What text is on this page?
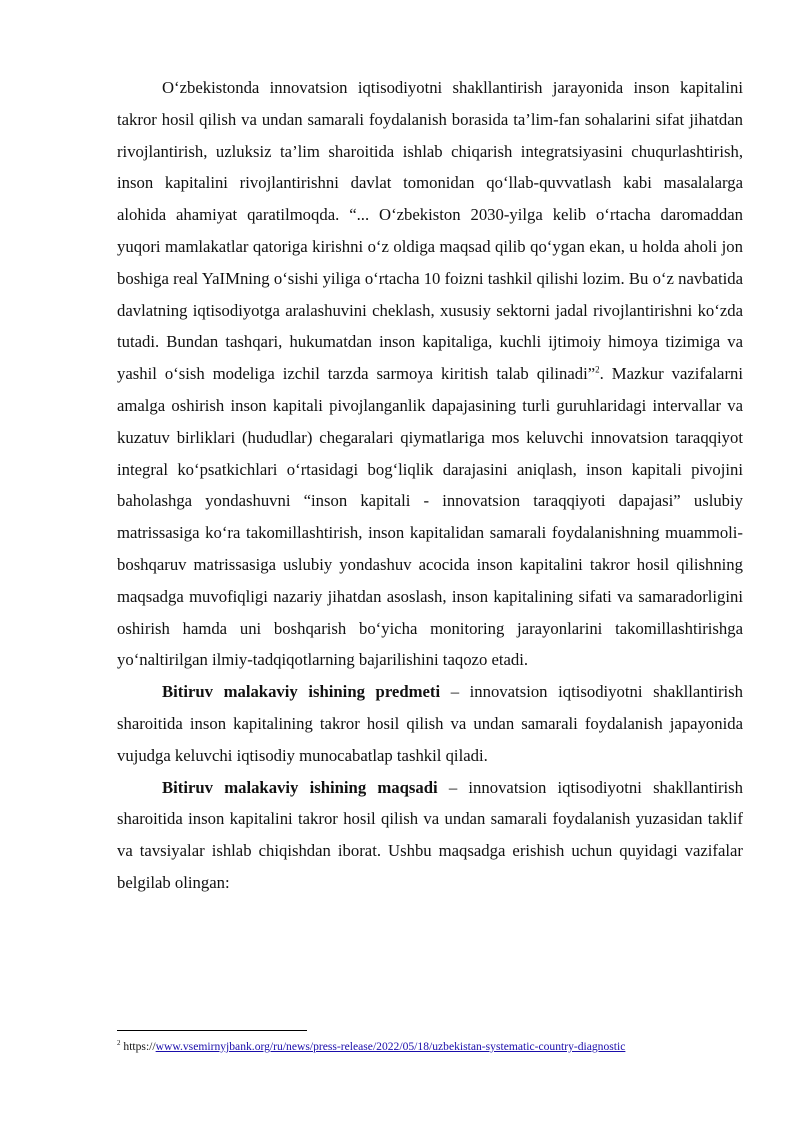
O‘zbekistonda innovatsion iqtisodiyotni shakllantirish jarayonida inson kapitalini takror hosil qilish va undan samarali foydalanish borasida ta’lim-fan sohalarini sifat jihatdan rivojlantirish, uzluksiz ta’lim sharoitida ishlab chiqarish integratsiyasini chuqurlashtirish, inson kapitalini rivojlantirishni davlat tomonidan qo‘llab-quvvatlash kabi masalalarga alohida ahamiyat qaratilmoqda. “... O‘zbekiston 2030-yilga kelib o‘rtacha daromaddan yuqori mamlakatlar qatoriga kirishni o‘z oldiga maqsad qilib qo‘ygan ekan, u holda aholi jon boshiga real YaIMning o‘sishi yiliga o‘rtacha 10 foizni tashkil qilishi lozim. Bu o‘z navbatida davlatning iqtisodiyotga aralashuvini cheklash, xususiy sektorni jadal rivojlantirishni ko‘zda tutadi. Bundan tashqari, hukumatdan inson kapitaliga, kuchli ijtimoiy himoya tizimiga va yashil o‘sish modeliga izchil tarzda sarmoya kiritish talab qilinadi”$^2$. Mazkur vazifalarni amalga oshirish inson kapitali pivojlanganlik dapajasining turli guruhlaridagi intervallar va kuzatuv birliklari (hududlar) chegaralari qiymatlariga mos keluvchi innovatsion taraqqiyot integral ko‘psatkichlari o‘rtasidagi bog‘liqlik darajasini aniqlash, inson kapitali pivojini baholashga yondashuvni “inson kapitali - innovatsion taraqqiyoti dapajasi” uslubiy matrissasiga ko‘ra takomillashtirish, inson kapitalidan samarali foydalanishning muammoli-boshqaruv matrissasiga uslubiy yondashuv acocida inson kapitalini takror hosil qilishning maqsadga muvofiqligi nazariy jihatdan asoslash, inson kapitalining sifati va samaradorligini oshirish hamda uni boshqarish bo‘yicha monitoring jarayonlarini takomillashtirishga yo‘naltirilgan ilmiy-tadqiqotlarning bajarilishini taqozo etadi.

Bitiruv malakaviy ishining predmeti – innovatsion iqtisodiyotni shakllantirish sharoitida inson kapitalining takror hosil qilish va undan samarali foydalanish japayonida vujudga keluvchi iqtisodiy munocabatlap tashkil qiladi.

Bitiruv malakaviy ishining maqsadi – innovatsion iqtisodiyotni shakllantirish sharoitida inson kapitalini takror hosil qilish va undan samarali foydalanish yuzasidan taklif va tavsiyalar ishlab chiqishdan iborat. Ushbu maqsadga erishish uchun quyidagi vazifalar belgilab olingan:

$^2$ https://www.vsemirnyjbank.org/ru/news/press-release/2022/05/18/uzbekistan-systematic-country-diagnostic
